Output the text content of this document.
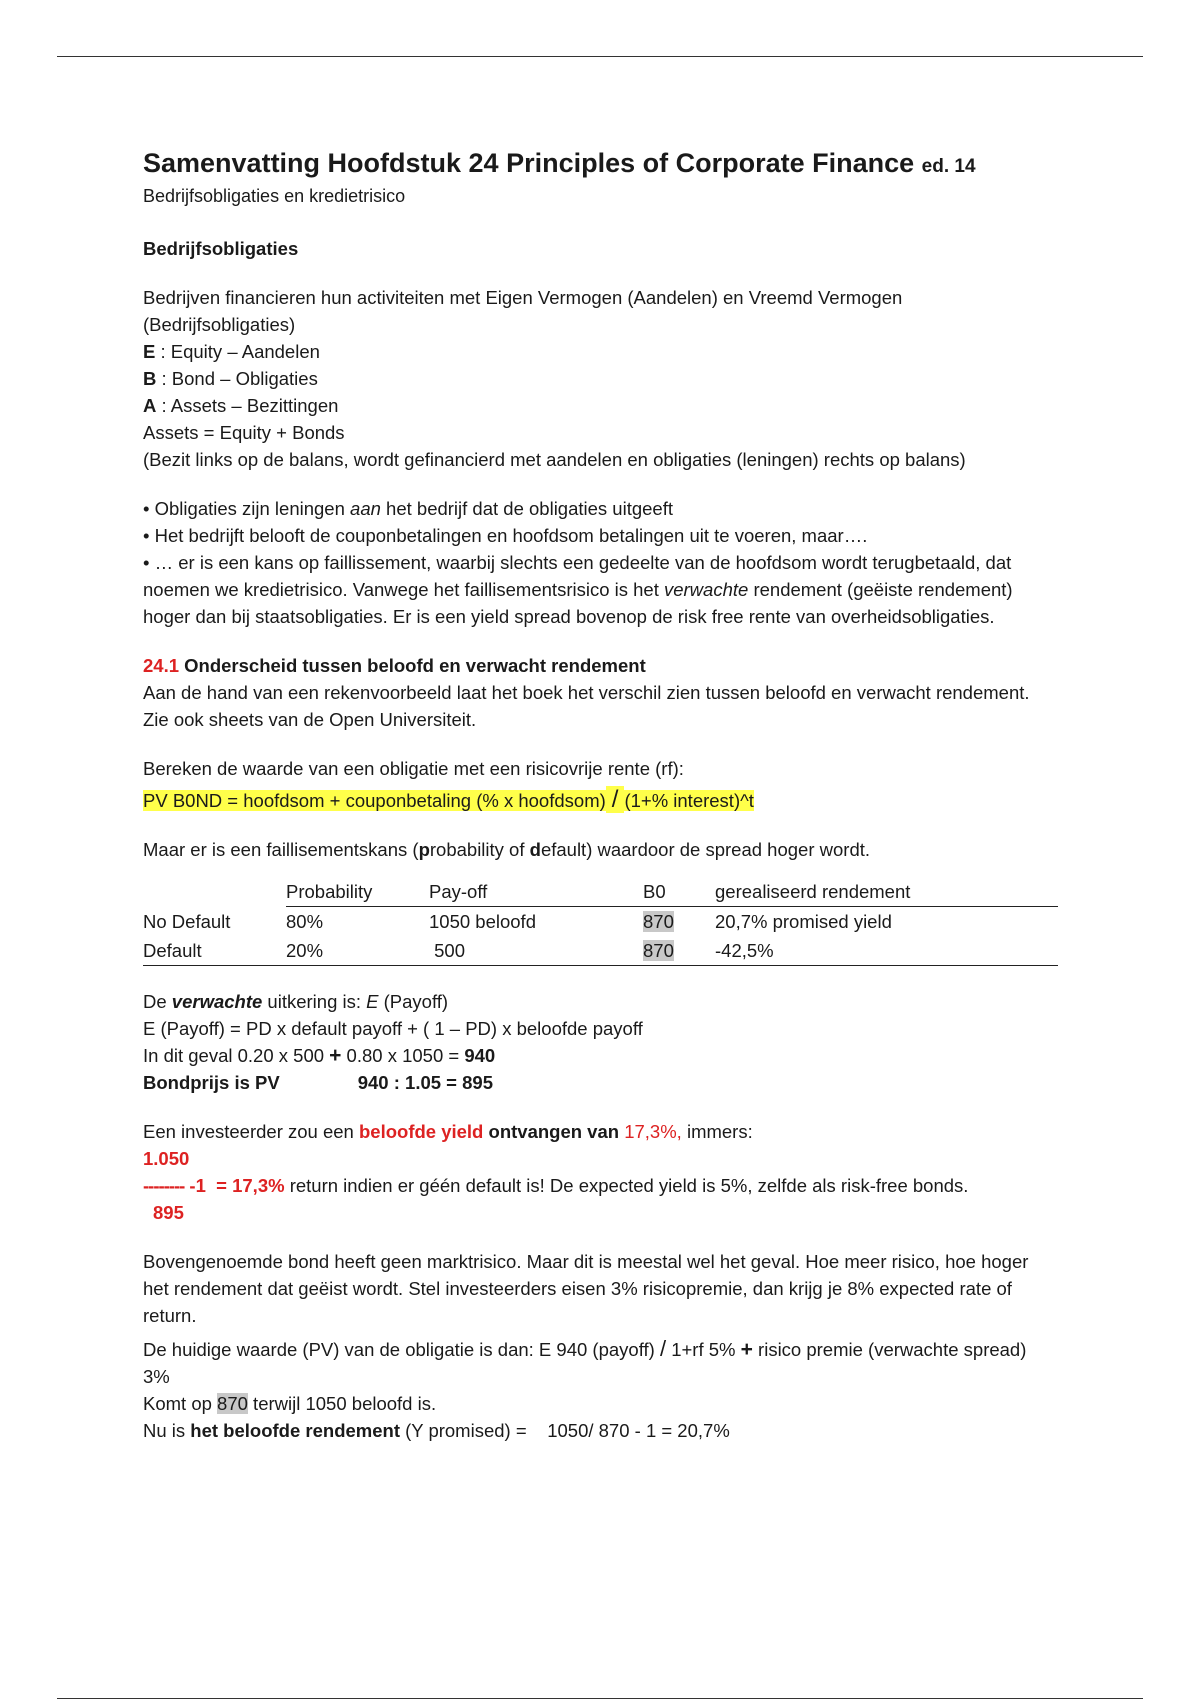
Samenvatting Hoofdstuk 24 Principles of Corporate Finance ed. 14

Bedrijfsobligaties en kredietrisico

Bedrijfsobligaties

Bedrijven financieren hun activiteiten met Eigen Vermogen (Aandelen) en Vreemd Vermogen (Bedrijfsobligaties)

E : Equity – Aandelen

B : Bond – Obligaties

A : Assets – Bezittingen

Assets = Equity + Bonds

(Bezit links op de balans, wordt gefinancierd met aandelen en obligaties (leningen) rechts op balans)

• Obligaties zijn leningen aan het bedrijf dat de obligaties uitgeeft

• Het bedrijft belooft de couponbetalingen en hoofdsom betalingen uit te voeren, maar….

• … er is een kans op faillissement, waarbij slechts een gedeelte van de hoofdsom wordt terugbetaald, dat noemen we kredietrisico. Vanwege het faillisementsrisico is het verwachte rendement (geëiste rendement) hoger dan bij staatsobligaties. Er is een yield spread bovenop de risk free rente van overheidsobligaties.

24.1 Onderscheid tussen beloofd en verwacht rendement

Aan de hand van een rekenvoorbeeld laat het boek het verschil zien tussen beloofd en verwacht rendement. Zie ook sheets van de Open Universiteit.

Bereken de waarde van een obligatie met een risicovrije rente (rf):

PV B0ND = hoofdsom + couponbetaling (% x hoofdsom) / (1+% interest)^t

Maar er is een faillisementskans (probability of default) waardoor de spread hoger wordt.

	Probability	Pay-off	B0	gerealiseerd rendement
No Default	80%	1050 beloofd	870	20,7% promised yield
Default	20%	500	870	-42,5%

De verwachte uitkering is: E (Payoff)

E (Payoff) = PD x default payoff + ( 1 – PD) x beloofde payoff

In dit geval 0.20 x 500 + 0.80 x 1050 = 940

Bondprijs is PV	940 : 1.05 = 895

Een investeerder zou een beloofde yield ontvangen van 17,3%, immers:

1.050

-------- -1  = 17,3% return indien er géén default is! De expected yield is 5%, zelfde als risk-free bonds.

895

Bovengenoemde bond heeft geen marktrisico. Maar dit is meestal wel het geval. Hoe meer risico, hoe hoger het rendement dat geëist wordt. Stel investeerders eisen 3% risicopremie, dan krijg je 8% expected rate of return.

De huidige waarde (PV) van de obligatie is dan: E 940 (payoff) / 1+rf 5% + risico premie (verwachte spread) 3%

Komt op 870 terwijl 1050 beloofd is.

Nu is het beloofde rendement (Y promised) =    1050/ 870 - 1 = 20,7%
